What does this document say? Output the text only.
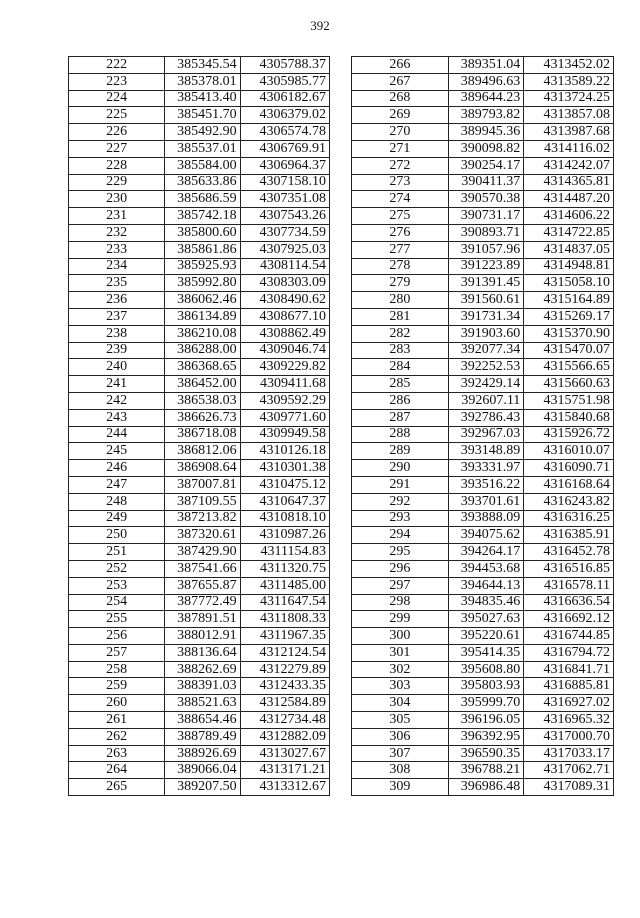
392
222	385345.54	4305788.37
223	385378.01	4305985.77
224	385413.40	4306182.67
225	385451.70	4306379.02
226	385492.90	4306574.78
227	385537.01	4306769.91
228	385584.00	4306964.37
229	385633.86	4307158.10
230	385686.59	4307351.08
231	385742.18	4307543.26
232	385800.60	4307734.59
233	385861.86	4307925.03
234	385925.93	4308114.54
235	385992.80	4308303.09
236	386062.46	4308490.62
237	386134.89	4308677.10
238	386210.08	4308862.49
239	386288.00	4309046.74
240	386368.65	4309229.82
241	386452.00	4309411.68
242	386538.03	4309592.29
243	386626.73	4309771.60
244	386718.08	4309949.58
245	386812.06	4310126.18
246	386908.64	4310301.38
247	387007.81	4310475.12
248	387109.55	4310647.37
249	387213.82	4310818.10
250	387320.61	4310987.26
251	387429.90	4311154.83
252	387541.66	4311320.75
253	387655.87	4311485.00
254	387772.49	4311647.54
255	387891.51	4311808.33
256	388012.91	4311967.35
257	388136.64	4312124.54
258	388262.69	4312279.89
259	388391.03	4312433.35
260	388521.63	4312584.89
261	388654.46	4312734.48
262	388789.49	4312882.09
263	388926.69	4313027.67
264	389066.04	4313171.21
265	389207.50	4313312.67
266	389351.04	4313452.02
267	389496.63	4313589.22
268	389644.23	4313724.25
269	389793.82	4313857.08
270	389945.36	4313987.68
271	390098.82	4314116.02
272	390254.17	4314242.07
273	390411.37	4314365.81
274	390570.38	4314487.20
275	390731.17	4314606.22
276	390893.71	4314722.85
277	391057.96	4314837.05
278	391223.89	4314948.81
279	391391.45	4315058.10
280	391560.61	4315164.89
281	391731.34	4315269.17
282	391903.60	4315370.90
283	392077.34	4315470.07
284	392252.53	4315566.65
285	392429.14	4315660.63
286	392607.11	4315751.98
287	392786.43	4315840.68
288	392967.03	4315926.72
289	393148.89	4316010.07
290	393331.97	4316090.71
291	393516.22	4316168.64
292	393701.61	4316243.82
293	393888.09	4316316.25
294	394075.62	4316385.91
295	394264.17	4316452.78
296	394453.68	4316516.85
297	394644.13	4316578.11
298	394835.46	4316636.54
299	395027.63	4316692.12
300	395220.61	4316744.85
301	395414.35	4316794.72
302	395608.80	4316841.71
303	395803.93	4316885.81
304	395999.70	4316927.02
305	396196.05	4316965.32
306	396392.95	4317000.70
307	396590.35	4317033.17
308	396788.21	4317062.71
309	396986.48	4317089.31
